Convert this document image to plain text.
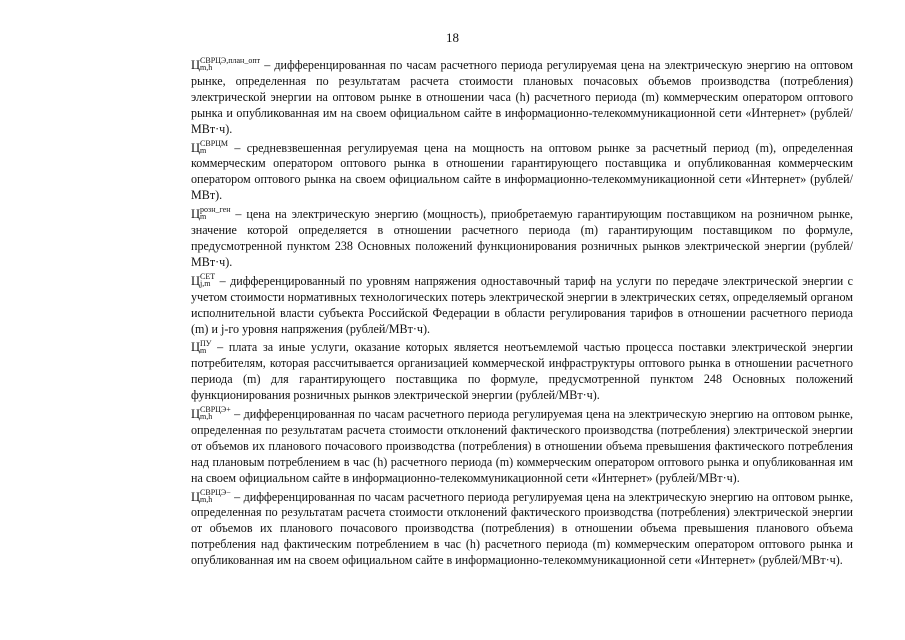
18

Ц СВРЦЭ,план_опт
m,h	– дифференцированная по часам расчетного периода регулируемая цена на электрическую энергию на оптовом рынке, определенная по результатам расчета стоимости плановых почасовых объемов производства (потребления) электрической энергии на оптовом рынке в отношении часа (h) расчетного периода (m) коммерческим оператором оптового рынка и опубликованная им на своем официальном сайте в информационно-телекоммуникационной сети «Интернет» (рублей/МВт·ч).

Ц СВРЦМ
m	– средневзвешенная регулируемая цена на мощность на оптовом рынке за расчетный период (m), определенная коммерческим оператором оптового рынка в отношении гарантирующего поставщика и опубликованная коммерческим оператором оптового рынка на своем официальном сайте в информационно-телекоммуникационной сети «Интернет» (рублей/МВт).

Ц розн_ген
m	– цена на электрическую энергию (мощность), приобретаемую гарантирующим поставщиком на розничном рынке, значение которой определяется в отношении расчетного периода (m) гарантирующим поставщиком по формуле, предусмотренной пунктом 238 Основных положений функционирования розничных рынков электрической энергии (рублей/МВт·ч).

Ц СЕТ
j,m – дифференцированный по уровням напряжения одноставочный тариф на услуги по передаче электрической энергии с учетом стоимости нормативных технологических потерь электрической энергии в электрических сетях, определяемый органом исполнительной власти субъекта Российской Федерации в области регулирования тарифов в отношении расчетного периода (m) и j-го уровня напряжения (рублей/МВт·ч).

Ц ПУ
m – плата за иные услуги, оказание которых является неотъемлемой частью процесса поставки электрической энергии потребителям, которая рассчитывается организацией коммерческой инфраструктуры оптового рынка в отношении расчетного периода (m) для гарантирующего поставщика по формуле, предусмотренной пунктом 248 Основных положений функционирования розничных рынков электрической энергии (рублей/МВт·ч).

Ц СВРЦЭ+
m,h	– дифференцированная по часам расчетного периода регулируемая цена на электрическую энергию на оптовом рынке, определенная по результатам расчета стоимости отклонений фактического производства (потребления) электрической энергии от объемов их планового почасового производства (потребления) в отношении объема превышения фактического потребления над плановым потреблением в час (h) расчетного периода (m) коммерческим оператором оптового рынка и опубликованная им на своем официальном сайте в информационно-телекоммуникационной сети «Интернет» (рублей/МВт·ч).

Ц СВРЦЭ−
m,h	– дифференцированная по часам расчетного периода регулируемая цена на электрическую энергию на оптовом рынке, определенная по результатам расчета стоимости отклонений фактического производства (потребления) электрической энергии от объемов их планового почасового производства (потребления) в отношении объема превышения планового объема потребления над фактическим потреблением в час (h) расчетного периода (m) коммерческим оператором оптового рынка и опубликованная им на своем официальном сайте в информационно-телекоммуникационной сети «Интернет» (рублей/МВт·ч).
